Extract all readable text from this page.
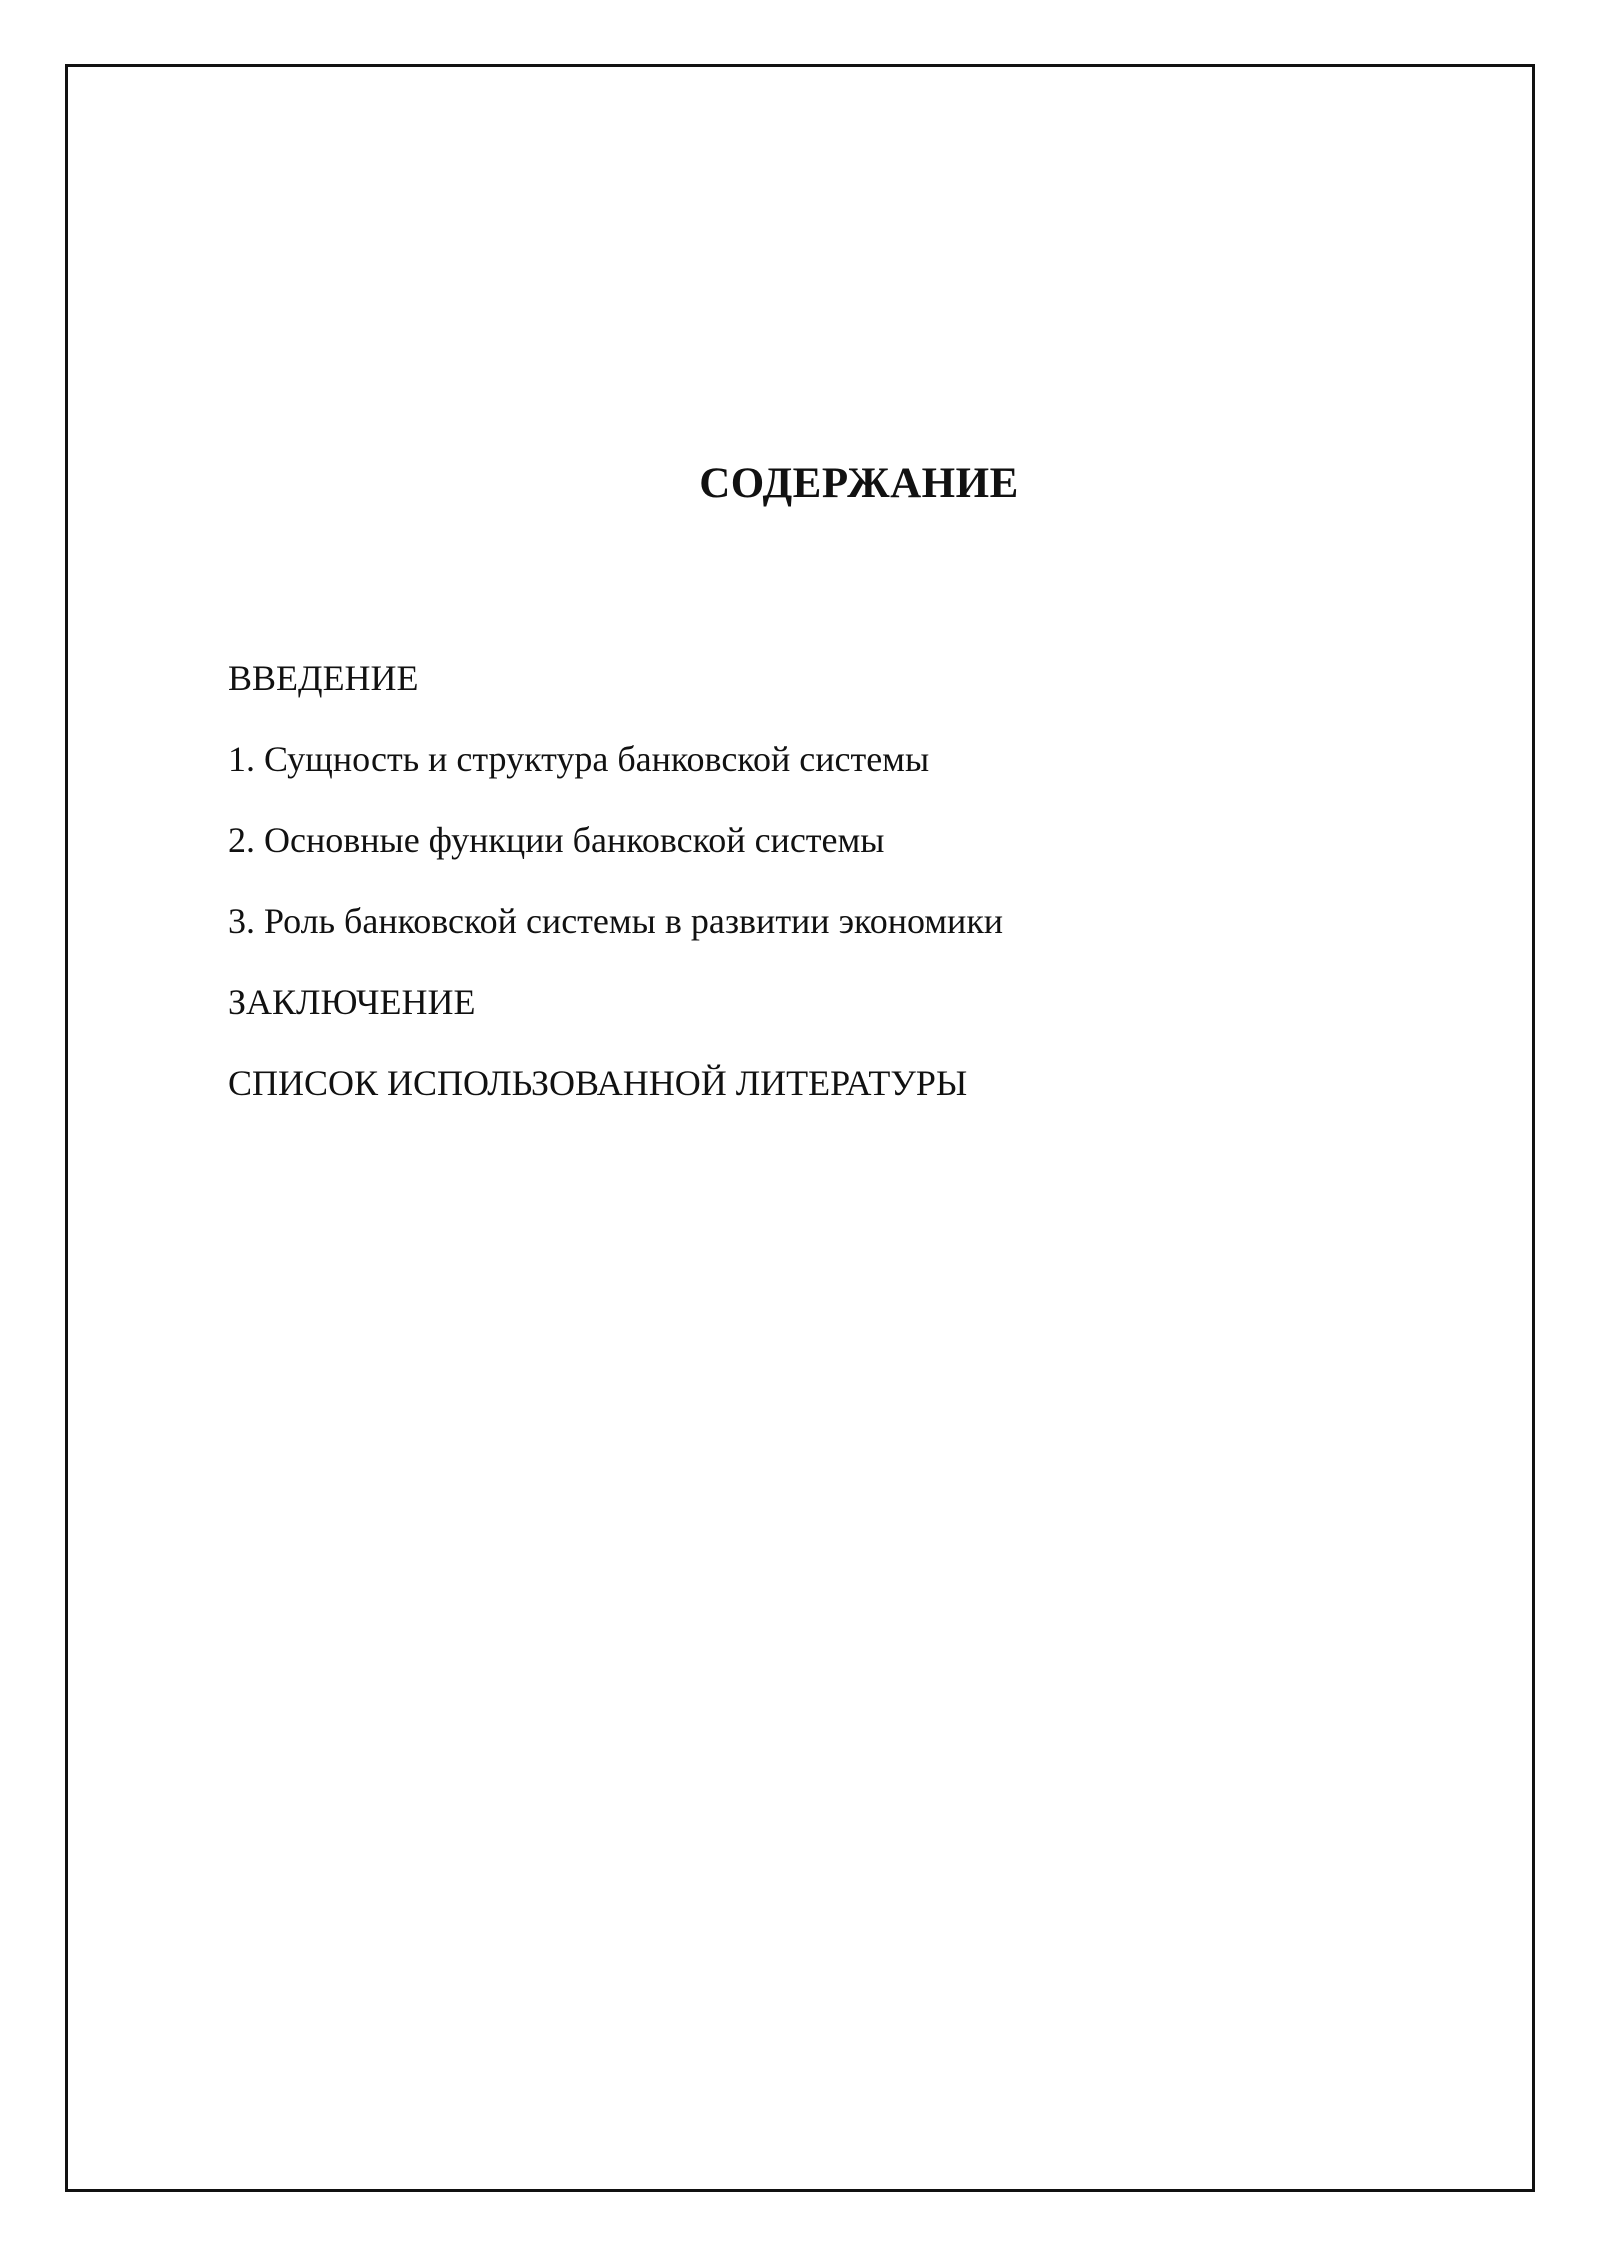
СОДЕРЖАНИЕ
ВВЕДЕНИЕ
1. Сущность и структура банковской системы
2. Основные функции банковской системы
3. Роль банковской системы в развитии экономики
ЗАКЛЮЧЕНИЕ
СПИСОК ИСПОЛЬЗОВАННОЙ ЛИТЕРАТУРЫ
